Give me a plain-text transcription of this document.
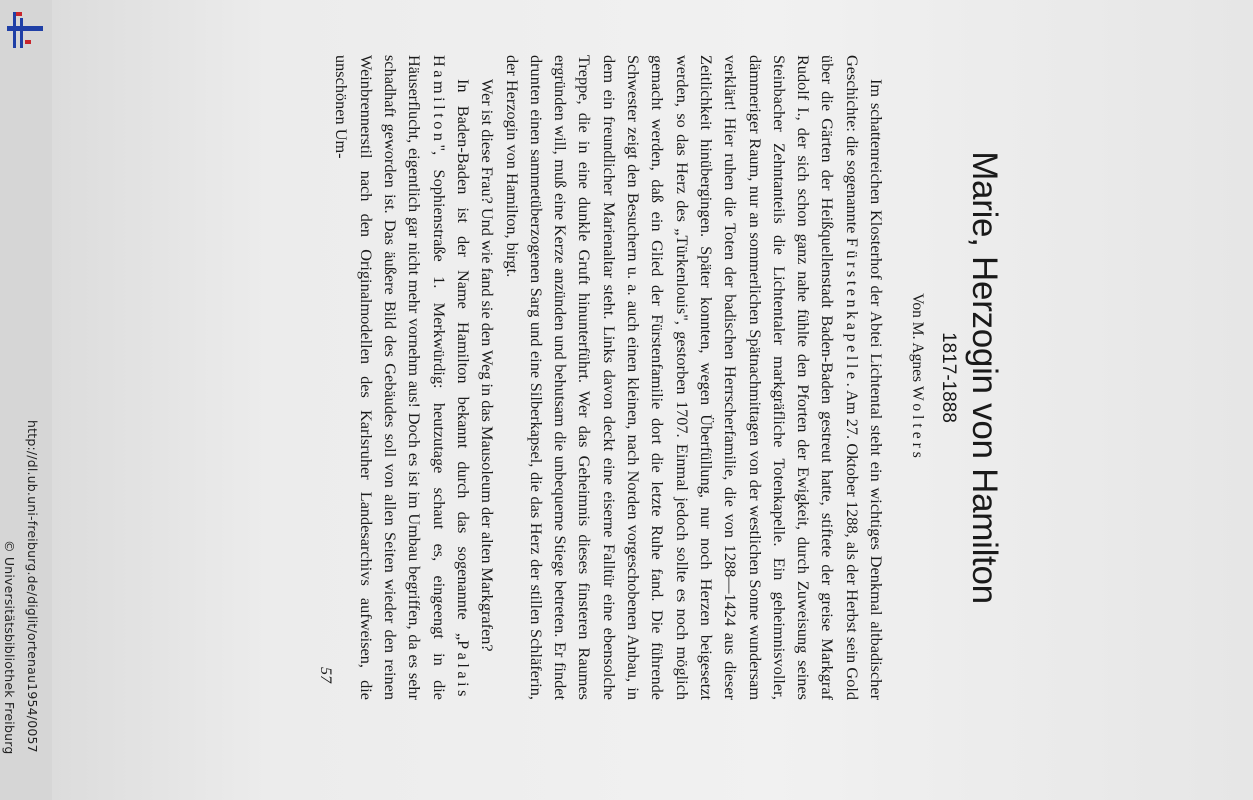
http://dl.ub.uni-freiburg.de/diglit/ortenau1954/0057
© Universitätsbibliothek Freiburg
Marie, Herzogin von Hamilton
1817-1888
Von M. Agnes Wolters

Im schattenreichen Klosterhof der Abtei Lichtental steht ein wichtiges Denkmal altbadischer Geschichte: die sogenannte Fürstenkapelle. Am 27. Oktober 1288, als der Herbst sein Gold über die Gärten der Heißquellenstadt Baden-Baden gestreut hatte, stiftete der greise Markgraf Rudolf I., der sich schon ganz nahe fühlte den Pforten der Ewigkeit, durch Zuweisung seines Steinbacher Zehntanteils die Lichtentaler markgräfliche Totenkapelle. Ein geheimnisvoller, dämmeriger Raum, nur an sommerlichen Spätnachmittagen von der westlichen Sonne wundersam verklärt! Hier ruhen die Toten der badischen Herrscherfamilie, die von 1288—1424 aus dieser Zeitlichkeit hinübergingen. Später konnten, wegen Überfüllung, nur noch Herzen beigesetzt werden, so das Herz des „Türkenlouis", gestorben 1707. Einmal jedoch sollte es noch möglich gemacht werden, daß ein Glied der Fürstenfamilie dort die letzte Ruhe fand. Die führende Schwester zeigt den Besuchern u. a. auch einen kleinen, nach Norden vorgeschobenen Anbau, in dem ein freundlicher Marienaltar steht. Links davon deckt eine eiserne Falltür eine ebensolche Treppe, die in eine dunkle Gruft hinunterführt. Wer das Geheimnis dieses finsteren Raumes ergründen will, muß eine Kerze anzünden und behutsam die unbequeme Stiege betreten. Er findet drunten einen sammetüberzogenen Sarg und eine Silberkapsel, die das Herz der stillen Schläferin, der Herzogin von Hamilton, birgt.

Wer ist diese Frau? Und wie fand sie den Weg in das Mausoleum der alten Markgrafen?

In Baden-Baden ist der Name Hamilton bekannt durch das sogenannte „Palais Hamilton", Sophienstraße 1. Merkwürdig: heutzutage schaut es, eingeengt in die Häuserflucht, eigentlich gar nicht mehr vornehm aus! Doch es ist im Umbau begriffen, da es sehr schadhaft geworden ist. Das äußere Bild des Gebäudes soll von allen Seiten wieder den reinen Weinbrennerstil nach den Originalmodellen des Karlsruher Landesarchivs aufweisen, die unschönen Um-

57
